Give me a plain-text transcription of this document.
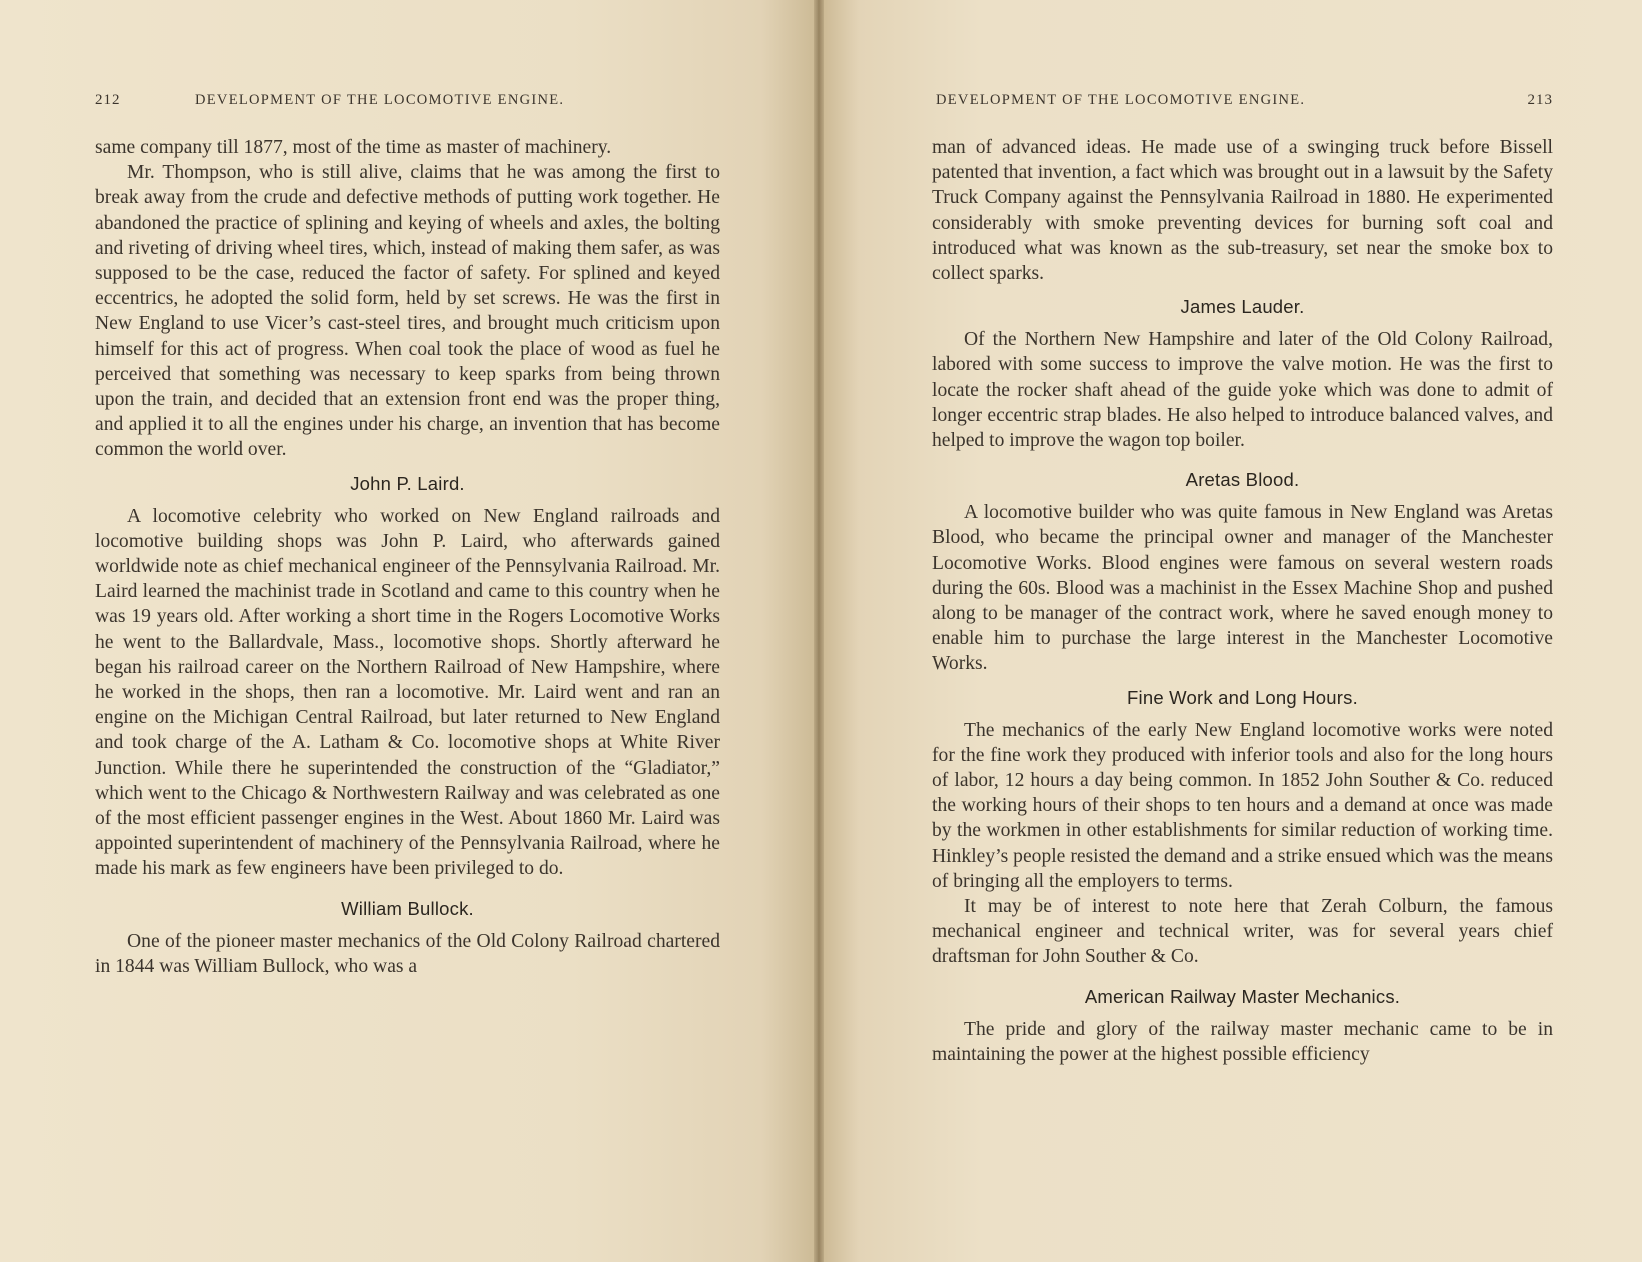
212	DEVELOPMENT OF THE LOCOMOTIVE ENGINE.

same company till 1877, most of the time as master of machinery.

Mr. Thompson, who is still alive, claims that he was among the first to break away from the crude and defective methods of putting work together. He abandoned the practice of splining and keying of wheels and axles, the bolting and riveting of driving wheel tires, which, instead of making them safer, as was supposed to be the case, reduced the factor of safety. For splined and keyed eccentrics, he adopted the solid form, held by set screws. He was the first in New England to use Vicer’s cast-steel tires, and brought much criticism upon himself for this act of progress. When coal took the place of wood as fuel he perceived that something was necessary to keep sparks from being thrown upon the train, and decided that an extension front end was the proper thing, and applied it to all the engines under his charge, an invention that has become common the world over.

John P. Laird.

A locomotive celebrity who worked on New England railroads and locomotive building shops was John P. Laird, who afterwards gained worldwide note as chief mechanical engineer of the Pennsylvania Railroad. Mr. Laird learned the machinist trade in Scotland and came to this country when he was 19 years old. After working a short time in the Rogers Locomotive Works he went to the Ballardvale, Mass., locomotive shops. Shortly afterward he began his railroad career on the Northern Railroad of New Hampshire, where he worked in the shops, then ran a locomotive. Mr. Laird went and ran an engine on the Michigan Central Railroad, but later returned to New England and took charge of the A. Latham & Co. locomotive shops at White River Junction. While there he superintended the construction of the “Gladiator,” which went to the Chicago & Northwestern Railway and was celebrated as one of the most efficient passenger engines in the West. About 1860 Mr. Laird was appointed superintendent of machinery of the Pennsylvania Railroad, where he made his mark as few engineers have been privileged to do.

William Bullock.

One of the pioneer master mechanics of the Old Colony Railroad chartered in 1844 was William Bullock, who was a

DEVELOPMENT OF THE LOCOMOTIVE ENGINE.	213

man of advanced ideas. He made use of a swinging truck before Bissell patented that invention, a fact which was brought out in a lawsuit by the Safety Truck Company against the Pennsylvania Railroad in 1880. He experimented considerably with smoke preventing devices for burning soft coal and introduced what was known as the sub-treasury, set near the smoke box to collect sparks.

James Lauder.

Of the Northern New Hampshire and later of the Old Colony Railroad, labored with some success to improve the valve motion. He was the first to locate the rocker shaft ahead of the guide yoke which was done to admit of longer eccentric strap blades. He also helped to introduce balanced valves, and helped to improve the wagon top boiler.

Aretas Blood.

A locomotive builder who was quite famous in New England was Aretas Blood, who became the principal owner and manager of the Manchester Locomotive Works. Blood engines were famous on several western roads during the 60s. Blood was a machinist in the Essex Machine Shop and pushed along to be manager of the contract work, where he saved enough money to enable him to purchase the large interest in the Manchester Locomotive Works.

Fine Work and Long Hours.

The mechanics of the early New England locomotive works were noted for the fine work they produced with inferior tools and also for the long hours of labor, 12 hours a day being common. In 1852 John Souther & Co. reduced the working hours of their shops to ten hours and a demand at once was made by the workmen in other establishments for similar reduction of working time. Hinkley’s people resisted the demand and a strike ensued which was the means of bringing all the employers to terms.

It may be of interest to note here that Zerah Colburn, the famous mechanical engineer and technical writer, was for several years chief draftsman for John Souther & Co.

American Railway Master Mechanics.

The pride and glory of the railway master mechanic came to be in maintaining the power at the highest possible efficiency
